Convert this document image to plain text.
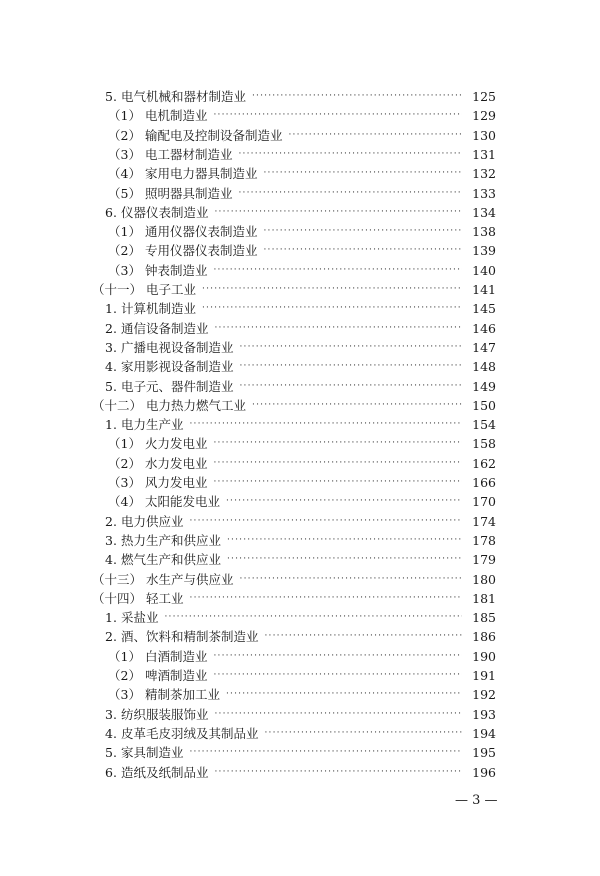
5. 电气机械和器材制造业 ·····	125
（1） 电机制造业 ·····	129
（2） 输配电及控制设备制造业 ·····	130
（3） 电工器材制造业 ·····	131
（4） 家用电力器具制造业 ·····	132
（5） 照明器具制造业 ·····	133
6. 仪器仪表制造业 ·····	134
（1） 通用仪器仪表制造业 ·····	138
（2） 专用仪器仪表制造业 ·····	139
（3） 钟表制造业 ·····	140
（十一） 电子工业 ·····	141
1. 计算机制造业 ·····	145
2. 通信设备制造业 ·····	146
3. 广播电视设备制造业 ·····	147
4. 家用影视设备制造业 ·····	148
5. 电子元、器件制造业 ·····	149
（十二） 电力热力燃气工业 ·····	150
1. 电力生产业 ·····	154
（1） 火力发电业 ·····	158
（2） 水力发电业 ·····	162
（3） 风力发电业 ·····	166
（4） 太阳能发电业 ·····	170
2. 电力供应业 ·····	174
3. 热力生产和供应业 ·····	178
4. 燃气生产和供应业 ·····	179
（十三） 水生产与供应业 ·····	180
（十四） 轻工业 ·····	181
1. 采盐业 ·····	185
2. 酒、饮料和精制茶制造业 ·····	186
（1） 白酒制造业 ·····	190
（2） 啤酒制造业 ·····	191
（3） 精制茶加工业 ·····	192
3. 纺织服装服饰业 ·····	193
4. 皮革毛皮羽绒及其制品业 ·····	194
5. 家具制造业 ·····	195
6. 造纸及纸制品业 ·····	196
— 3 —
